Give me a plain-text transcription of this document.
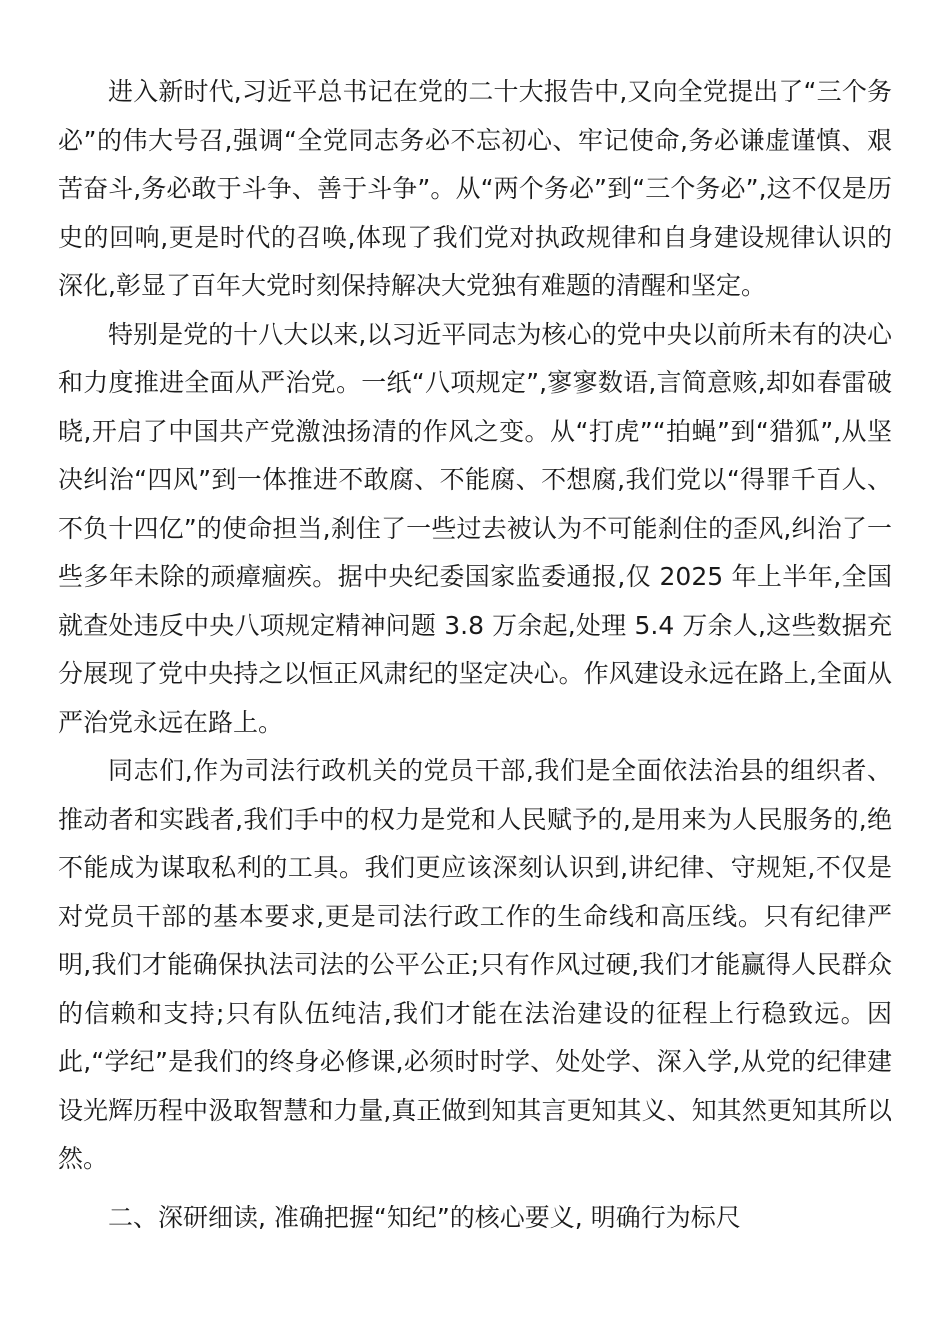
进入新时代,习近平总书记在党的二十大报告中,又向全党提出了“三个务必”的伟大号召,强调“全党同志务必不忘初心、牢记使命,务必谦虚谨慎、艰苦奋斗,务必敢于斗争、善于斗争”。从“两个务必”到“三个务必”,这不仅是历史的回响,更是时代的召唤,体现了我们党对执政规律和自身建设规律认识的深化,彰显了百年大党时刻保持解决大党独有难题的清醒和坚定。

特别是党的十八大以来,以习近平同志为核心的党中央以前所未有的决心和力度推进全面从严治党。一纸“八项规定”,寥寥数语,言简意赅,却如春雷破晓,开启了中国共产党激浊扬清的作风之变。从“打虎”“拍蝇”到“猎狐”,从坚决纠治“四风”到一体推进不敢腐、不能腐、不想腐,我们党以“得罪千百人、不负十四亿”的使命担当,刹住了一些过去被认为不可能刹住的歪风,纠治了一些多年未除的顽瘴痼疾。据中央纪委国家监委通报,仅 2025 年上半年,全国就查处违反中央八项规定精神问题 3.8 万余起,处理 5.4 万余人,这些数据充分展现了党中央持之以恒正风肃纪的坚定决心。作风建设永远在路上,全面从严治党永远在路上。

同志们,作为司法行政机关的党员干部,我们是全面依法治县的组织者、推动者和实践者,我们手中的权力是党和人民赋予的,是用来为人民服务的,绝不能成为谋取私利的工具。我们更应该深刻认识到,讲纪律、守规矩,不仅是对党员干部的基本要求,更是司法行政工作的生命线和高压线。只有纪律严明,我们才能确保执法司法的公平公正;只有作风过硬,我们才能赢得人民群众的信赖和支持;只有队伍纯洁,我们才能在法治建设的征程上行稳致远。因此,“学纪”是我们的终身必修课,必须时时学、处处学、深入学,从党的纪律建设光辉历程中汲取智慧和力量,真正做到知其言更知其义、知其然更知其所以然。

二、深研细读, 准确把握“知纪”的核心要义, 明确行为标尺
